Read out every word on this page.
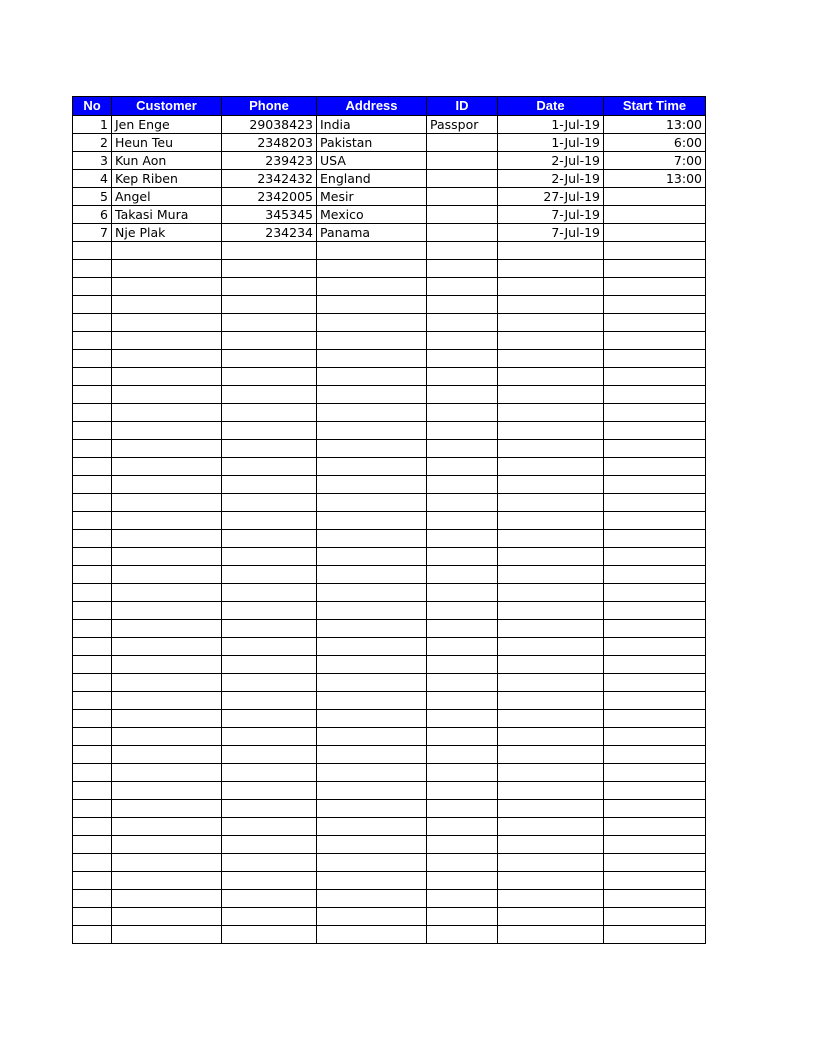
No	Customer	Phone	Address	ID	Date	Start Time
1	Jen Enge	29038423	India	Passpor	1-Jul-19	13:00
2	Heun Teu	2348203	Pakistan		1-Jul-19	6:00
3	Kun Aon	239423	USA		2-Jul-19	7:00
4	Kep Riben	2342432	England		2-Jul-19	13:00
5	Angel	2342005	Mesir		27-Jul-19	
6	Takasi Mura	345345	Mexico		7-Jul-19	
7	Nje Plak	234234	Panama		7-Jul-19	
